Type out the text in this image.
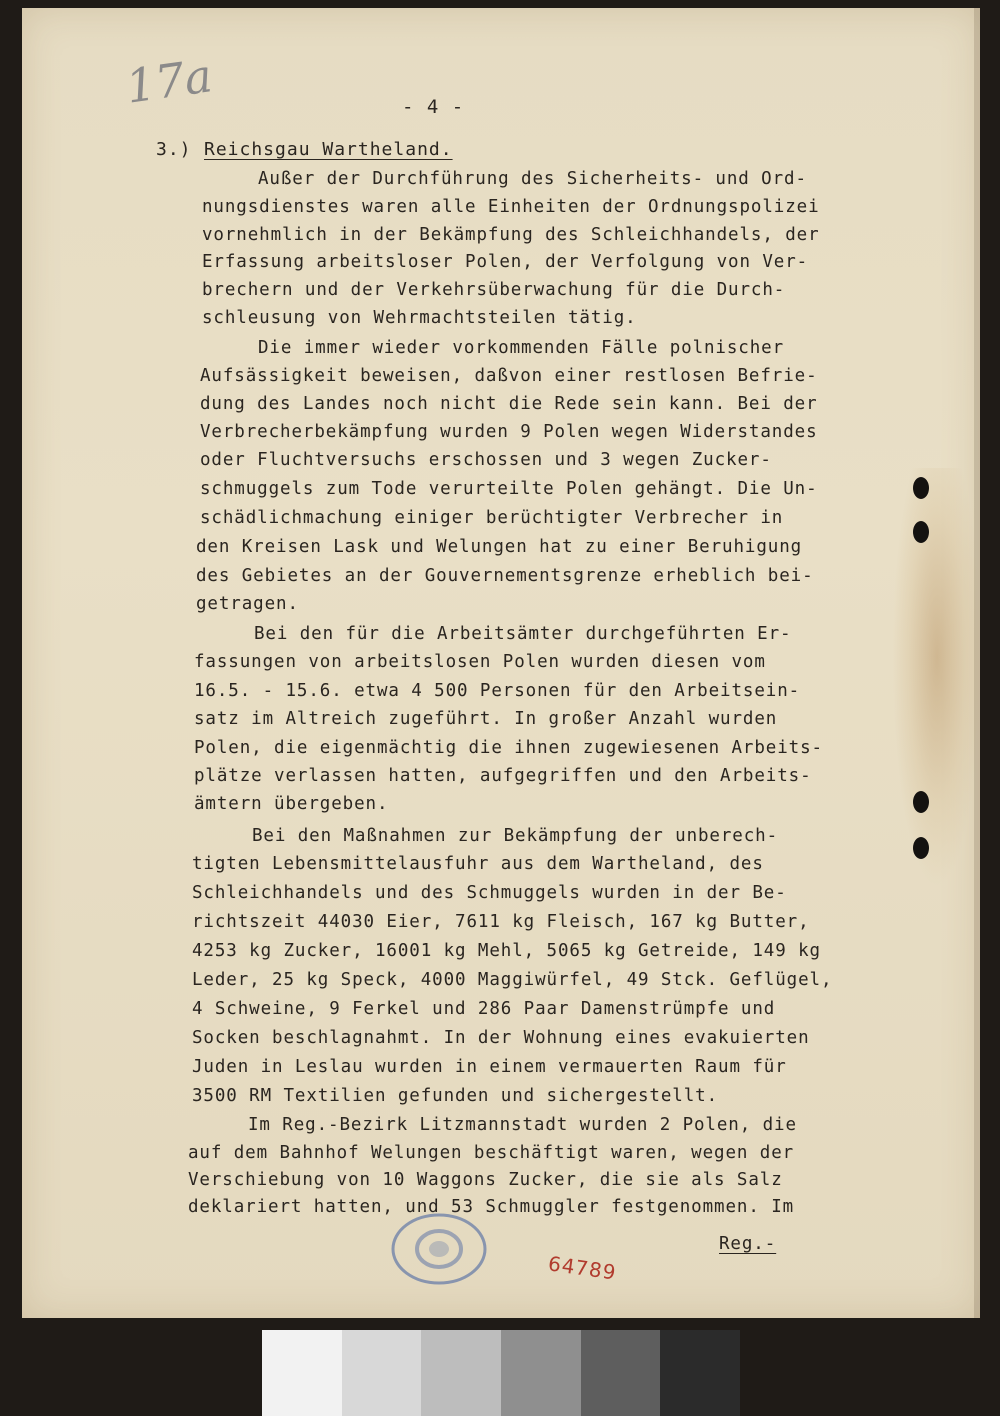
17a	- 4 -
3.) Reichsgau Wartheland.
Außer der Durchführung des Sicherheits- und Ord-
nungsdienstes waren alle Einheiten der Ordnungspolizei
vornehmlich in der Bekämpfung des Schleichhandels, der
Erfassung arbeitsloser Polen, der Verfolgung von Ver-
brechern und der Verkehrsüberwachung für die Durch-
schleusung von Wehrmachtsteilen tätig.
Die immer wieder vorkommenden Fälle polnischer
Aufsässigkeit beweisen, daßvon einer restlosen Befrie-
dung des Landes noch nicht die Rede sein kann. Bei der
Verbrecherbekämpfung wurden 9 Polen wegen Widerstandes
oder Fluchtversuchs erschossen und 3 wegen Zucker-
schmuggels zum Tode verurteilte Polen gehängt. Die Un-
schädlichmachung einiger berüchtigter Verbrecher in
den Kreisen Lask und Welungen hat zu einer Beruhigung
des Gebietes an der Gouvernementsgrenze erheblich bei-
getragen.
Bei den für die Arbeitsämter durchgeführten Er-
fassungen von arbeitslosen Polen wurden diesen vom
16.5. - 15.6. etwa 4 500 Personen für den Arbeitsein-
satz im Altreich zugeführt. In großer Anzahl wurden
Polen, die eigenmächtig die ihnen zugewiesenen Arbeits-
plätze verlassen hatten, aufgegriffen und den Arbeits-
ämtern übergeben.
Bei den Maßnahmen zur Bekämpfung der unberech-
tigten Lebensmittelausfuhr aus dem Wartheland, des
Schleichhandels und des Schmuggels wurden in der Be-
richtszeit 44030 Eier, 7611 kg Fleisch, 167 kg Butter,
4253 kg Zucker, 16001 kg Mehl, 5065 kg Getreide, 149 kg
Leder, 25 kg Speck, 4000 Maggiwürfel, 49 Stck. Geflügel,
4 Schweine, 9 Ferkel und 286 Paar Damenstrümpfe und
Socken beschlagnahmt. In der Wohnung eines evakuierten
Juden in Leslau wurden in einem vermauerten Raum für
3500 RM Textilien gefunden und sichergestellt.
Im Reg.-Bezirk Litzmannstadt wurden 2 Polen, die
auf dem Bahnhof Welungen beschäftigt waren, wegen der
Verschiebung von 10 Waggons Zucker, die sie als Salz
deklariert hatten, und 53 Schmuggler festgenommen. Im
Reg.-
64789
